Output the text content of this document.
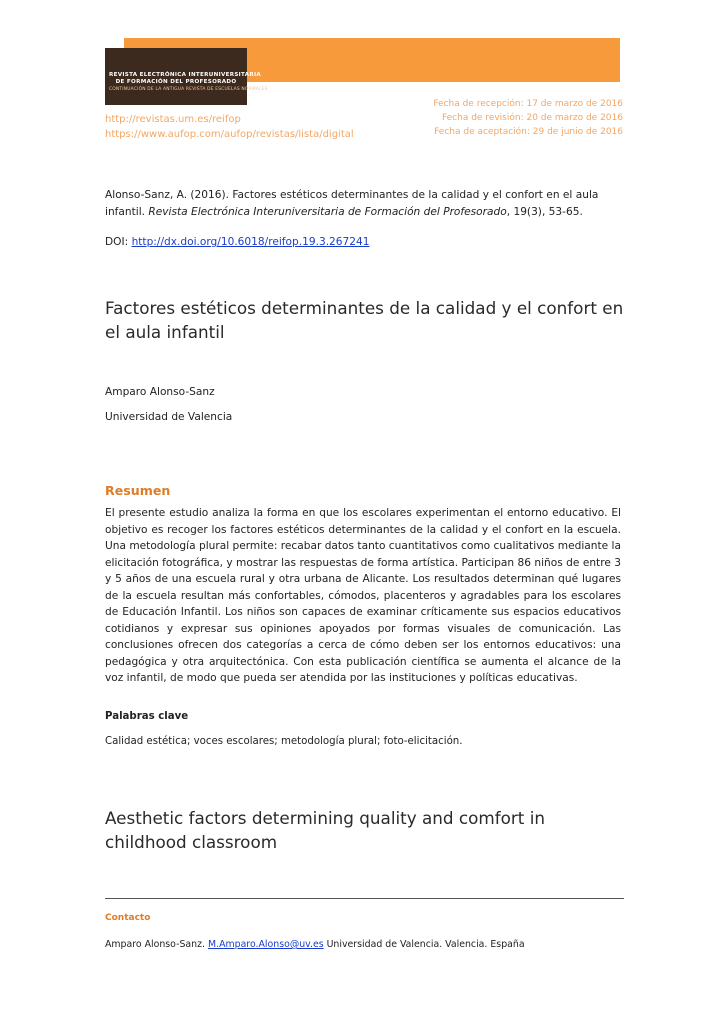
REVISTA ELECTRÓNICA INTERUNIVERSITARIA
DE FORMACIÓN DEL PROFESORADO
CONTINUACIÓN DE LA ANTIGUA REVISTA DE ESCUELAS NORMALES
http://revistas.um.es/reifop
https://www.aufop.com/aufop/revistas/lista/digital
Fecha de recepción: 17 de marzo de 2016
Fecha de revisión: 20 de marzo de 2016
Fecha de aceptación: 29 de junio de 2016
Alonso-Sanz, A. (2016). Factores estéticos determinantes de la calidad y el confort en el aula infantil. Revista Electrónica Interuniversitaria de Formación del Profesorado, 19(3), 53-65.
DOI: http://dx.doi.org/10.6018/reifop.19.3.267241
Factores estéticos determinantes de la calidad y el confort en el aula infantil
Amparo Alonso-Sanz
Universidad de Valencia
Resumen

El presente estudio analiza la forma en que los escolares experimentan el entorno educativo. El objetivo es recoger los factores estéticos determinantes de la calidad y el confort en la escuela. Una metodología plural permite: recabar datos tanto cuantitativos como cualitativos mediante la elicitación fotográfica, y mostrar las respuestas de forma artística. Participan 86 niños de entre 3 y 5 años de una escuela rural y otra urbana de Alicante. Los resultados determinan qué lugares de la escuela resultan más confortables, cómodos, placenteros y agradables para los escolares de Educación Infantil. Los niños son capaces de examinar críticamente sus espacios educativos cotidianos y expresar sus opiniones apoyados por formas visuales de comunicación. Las conclusiones ofrecen dos categorías a cerca de cómo deben ser los entornos educativos: una pedagógica y otra arquitectónica. Con esta publicación científica se aumenta el alcance de la voz infantil, de modo que pueda ser atendida por las instituciones y políticas educativas.

Palabras clave
Calidad estética; voces escolares; metodología plural; foto-elicitación.
Aesthetic factors determining quality and comfort in childhood classroom
Contacto
Amparo Alonso-Sanz. M.Amparo.Alonso@uv.es Universidad de Valencia. Valencia. España
